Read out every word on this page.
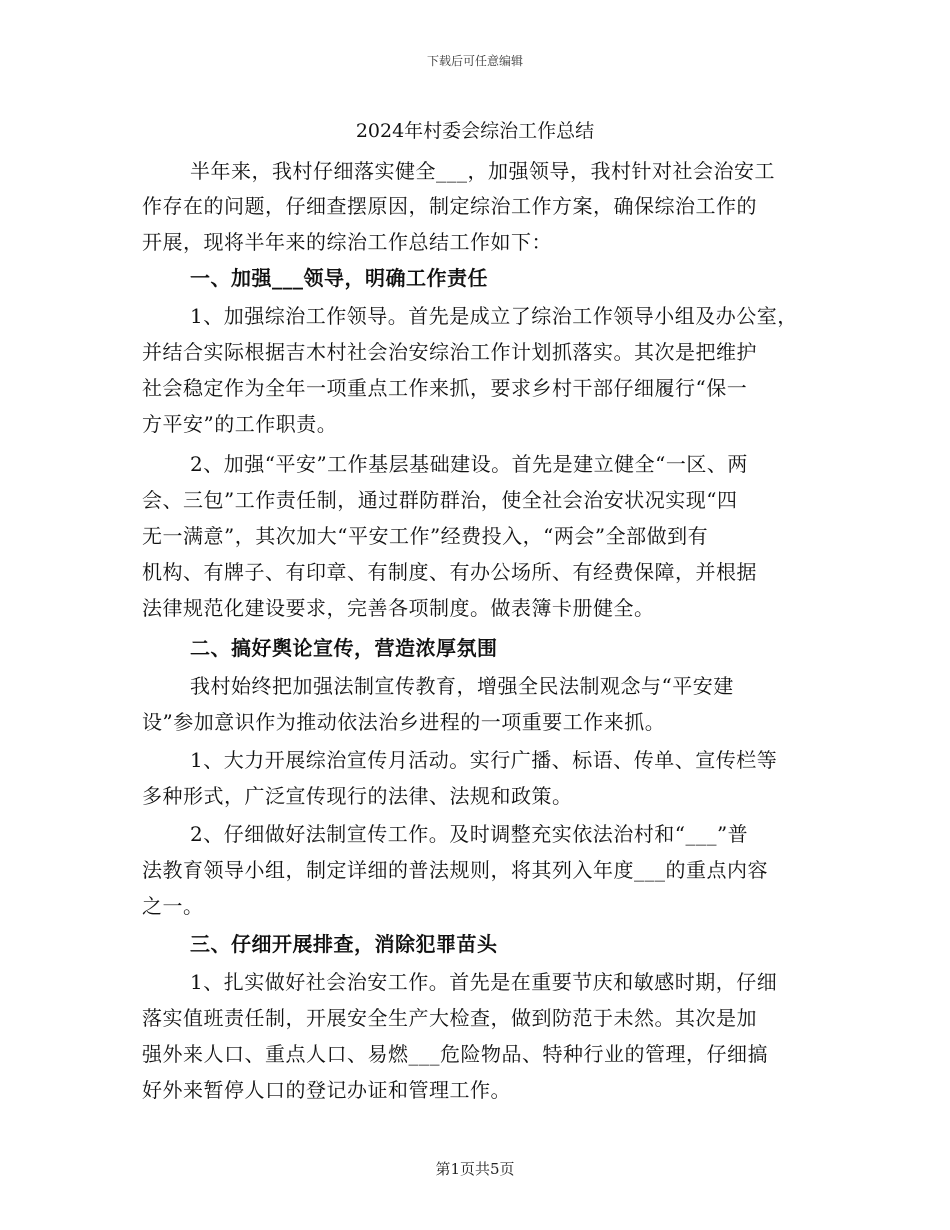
下载后可任意编辑
2024年村委会综治工作总结
半年来，我村仔细落实健全___，加强领导，我村针对社会治安工
作存在的问题，仔细查摆原因，制定综治工作方案，确保综治工作的
开展，现将半年来的综治工作总结工作如下：
一、加强___领导，明确工作责任
1、加强综治工作领导。首先是成立了综治工作领导小组及办公室，
并结合实际根据吉木村社会治安综治工作计划抓落实。其次是把维护
社会稳定作为全年一项重点工作来抓，要求乡村干部仔细履行“保一
方平安”的工作职责。
2、加强“平安”工作基层基础建设。首先是建立健全“一区、两
会、三包”工作责任制，通过群防群治，使全社会治安状况实现“四
无一满意”，其次加大“平安工作”经费投入，“两会”全部做到有
机构、有牌子、有印章、有制度、有办公场所、有经费保障，并根据
法律规范化建设要求，完善各项制度。做表簿卡册健全。
二、搞好舆论宣传，营造浓厚氛围
我村始终把加强法制宣传教育，增强全民法制观念与“平安建
设”参加意识作为推动依法治乡进程的一项重要工作来抓。
1、大力开展综治宣传月活动。实行广播、标语、传单、宣传栏等
多种形式，广泛宣传现行的法律、法规和政策。
2、仔细做好法制宣传工作。及时调整充实依法治村和“___”普
法教育领导小组，制定详细的普法规则，将其列入年度___的重点内容
之一。
三、仔细开展排查，消除犯罪苗头
1、扎实做好社会治安工作。首先是在重要节庆和敏感时期，仔细
落实值班责任制，开展安全生产大检查，做到防范于未然。其次是加
强外来人口、重点人口、易燃___危险物品、特种行业的管理，仔细搞
好外来暂停人口的登记办证和管理工作。
第1页共5页
